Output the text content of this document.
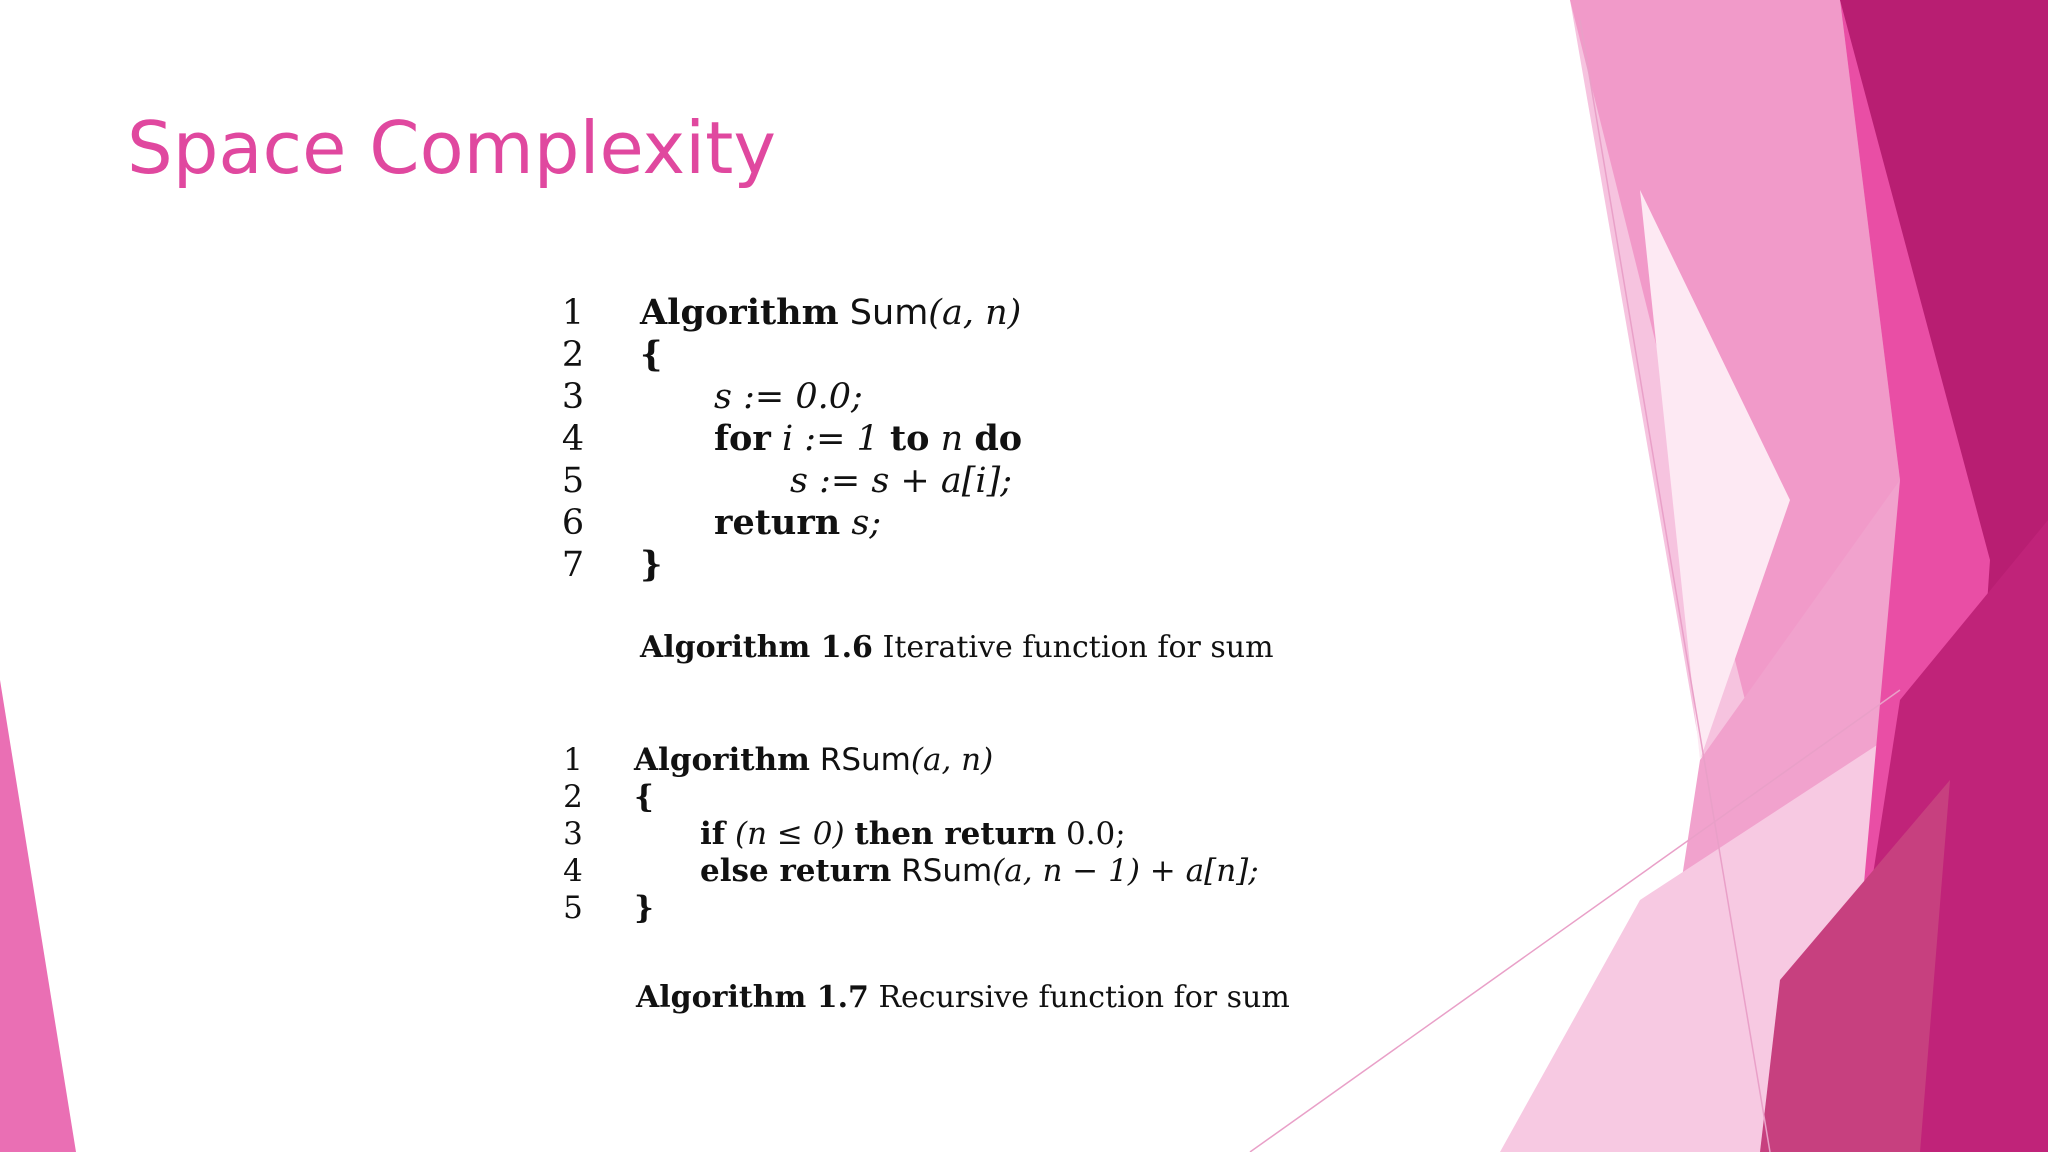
Space Complexity
1 Algorithm Sum(a, n)
2 {
3	s := 0.0;
4	for i := 1 to n do
5	s := s + a[i];
6	return s;
7 }
Algorithm 1.6 Iterative function for sum
1 Algorithm RSum(a, n)
2 {
3	if (n ≤ 0) then return 0.0;
4	else return RSum(a, n − 1) + a[n];
5 }
Algorithm 1.7 Recursive function for sum
